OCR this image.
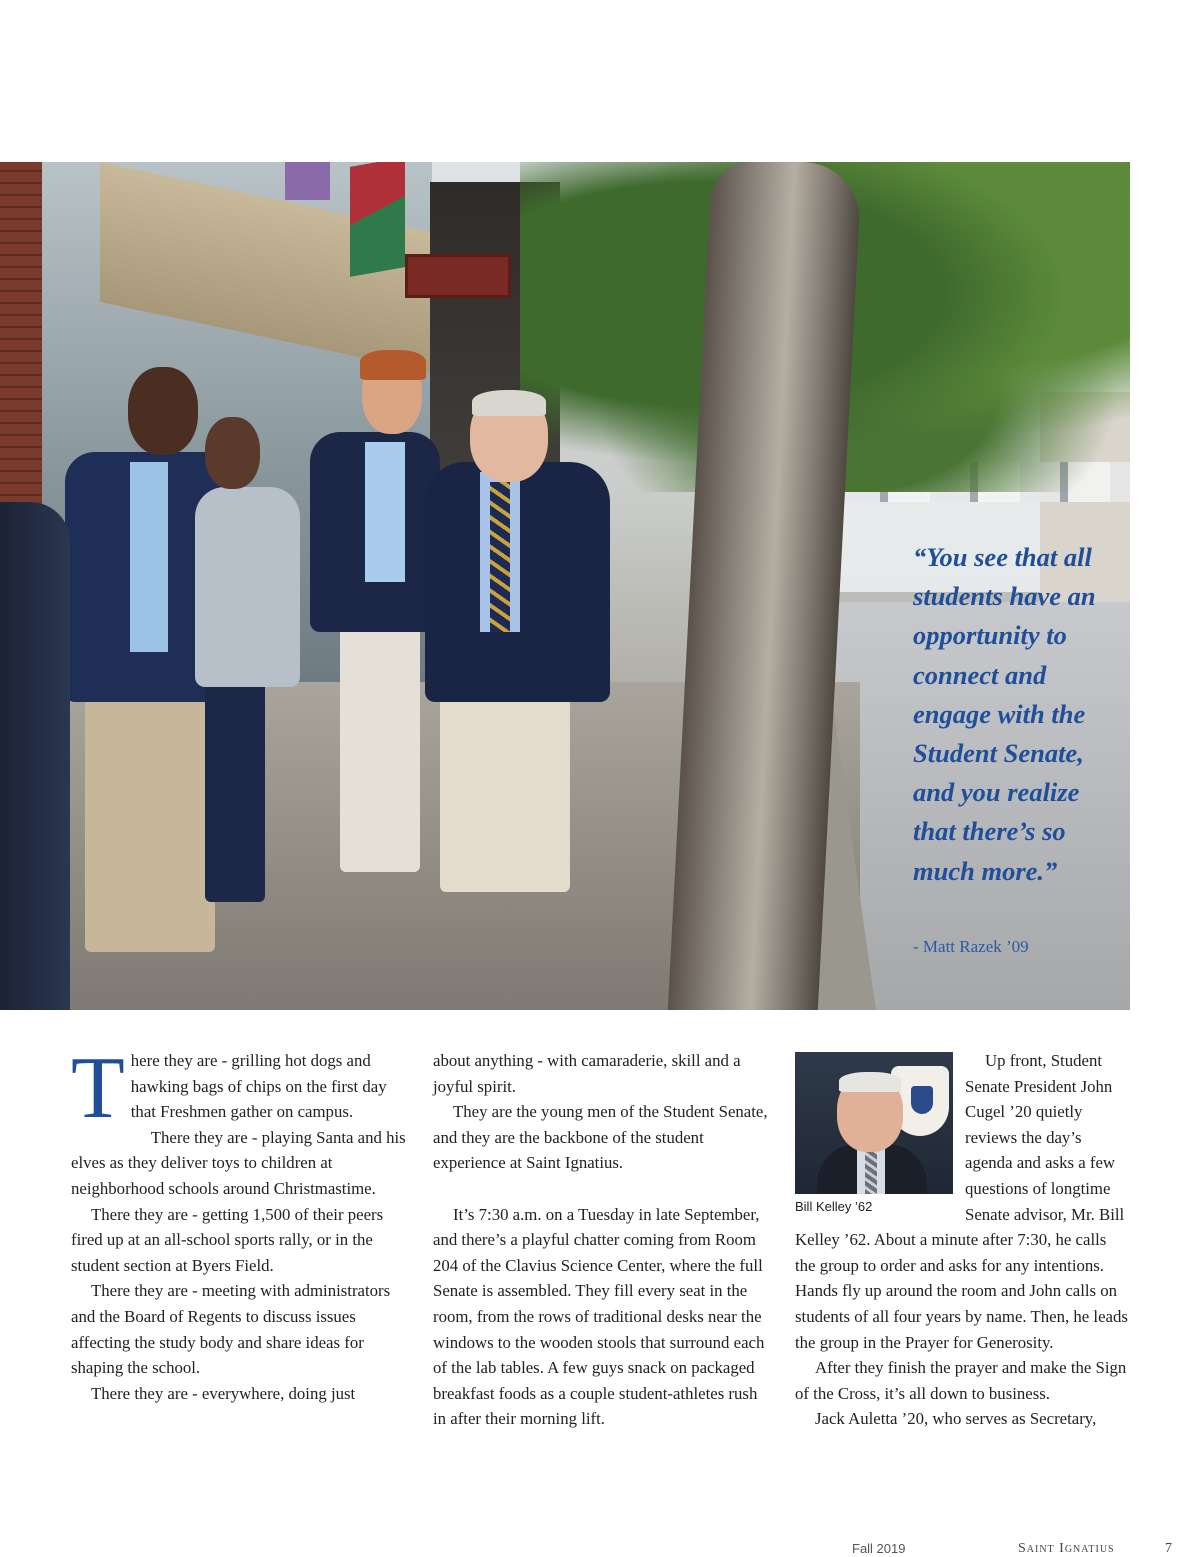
“You see that all students have an opportunity to connect and engage with the Student Senate, and you realize that there’s so much more.”

- Matt Razek ’09

There they are - grilling hot dogs and hawking bags of chips on the first day that Freshmen gather on campus.

There they are - playing Santa and his elves as they deliver toys to children at neighborhood schools around Christmastime.

There they are - getting 1,500 of their peers fired up at an all-school sports rally, or in the student section at Byers Field.

There they are - meeting with administrators and the Board of Regents to discuss issues affecting the study body and share ideas for shaping the school.

There they are - everywhere, doing just

about anything - with camaraderie, skill and a joyful spirit.

They are the young men of the Student Senate, and they are the backbone of the student experience at Saint Ignatius.

It’s 7:30 a.m. on a Tuesday in late September, and there’s a playful chatter coming from Room 204 of the Clavius Science Center, where the full Senate is assembled. They fill every seat in the room, from the rows of traditional desks near the windows to the wooden stools that surround each of the lab tables. A few guys snack on packaged breakfast foods as a couple student-athletes rush in after their morning lift.

Bill Kelley ’62

Up front, Student Senate President John Cugel ’20 quietly reviews the day’s agenda and asks a few questions of longtime Senate advisor, Mr. Bill Kelley ’62. About a minute after 7:30, he calls the group to order and asks for any intentions. Hands fly up around the room and John calls on students of all four years by name. Then, he leads the group in the Prayer for Generosity.

After they finish the prayer and make the Sign of the Cross, it’s all down to business.

Jack Auletta ’20, who serves as Secretary,

Fall 2019	Saint Ignatius	7
